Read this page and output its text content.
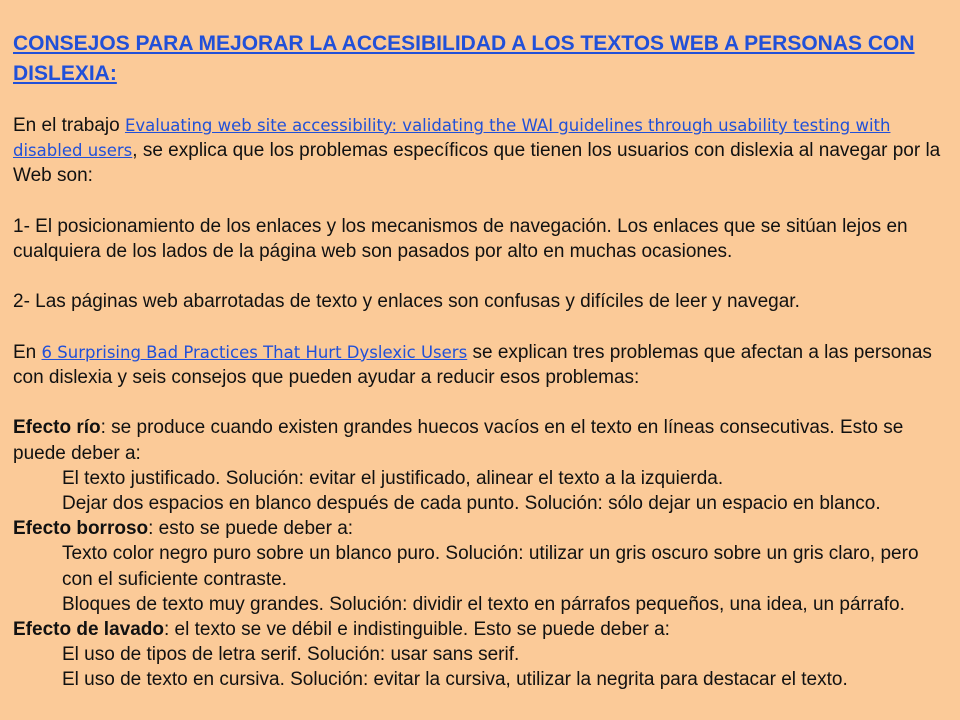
CONSEJOS PARA MEJORAR LA ACCESIBILIDAD A LOS TEXTOS WEB A PERSONAS CON DISLEXIA:

En el trabajo Evaluating web site accessibility: validating the WAI guidelines through usability testing with disabled users, se explica que los problemas específicos que tienen los usuarios con dislexia al navegar por la Web son:

1- El posicionamiento de los enlaces y los mecanismos de navegación. Los enlaces que se sitúan lejos en cualquiera de los lados de la página web son pasados por alto en muchas ocasiones.

2- Las páginas web abarrotadas de texto y enlaces son confusas y difíciles de leer y navegar.

En 6 Surprising Bad Practices That Hurt Dyslexic Users se explican tres problemas que afectan a las personas con dislexia y seis consejos que pueden ayudar a reducir esos problemas:

Efecto río: se produce cuando existen grandes huecos vacíos en el texto en líneas consecutivas. Esto se puede deber a:

El texto justificado. Solución: evitar el justificado, alinear el texto a la izquierda.

Dejar dos espacios en blanco después de cada punto. Solución: sólo dejar un espacio en blanco.

Efecto borroso: esto se puede deber a:

Texto color negro puro sobre un blanco puro. Solución: utilizar un gris oscuro sobre un gris claro, pero con el suficiente contraste.

Bloques de texto muy grandes. Solución: dividir el texto en párrafos pequeños, una idea, un párrafo.

Efecto de lavado: el texto se ve débil e indistinguible. Esto se puede deber a:

El uso de tipos de letra serif. Solución: usar sans serif.

El uso de texto en cursiva. Solución: evitar la cursiva, utilizar la negrita para destacar el texto.
